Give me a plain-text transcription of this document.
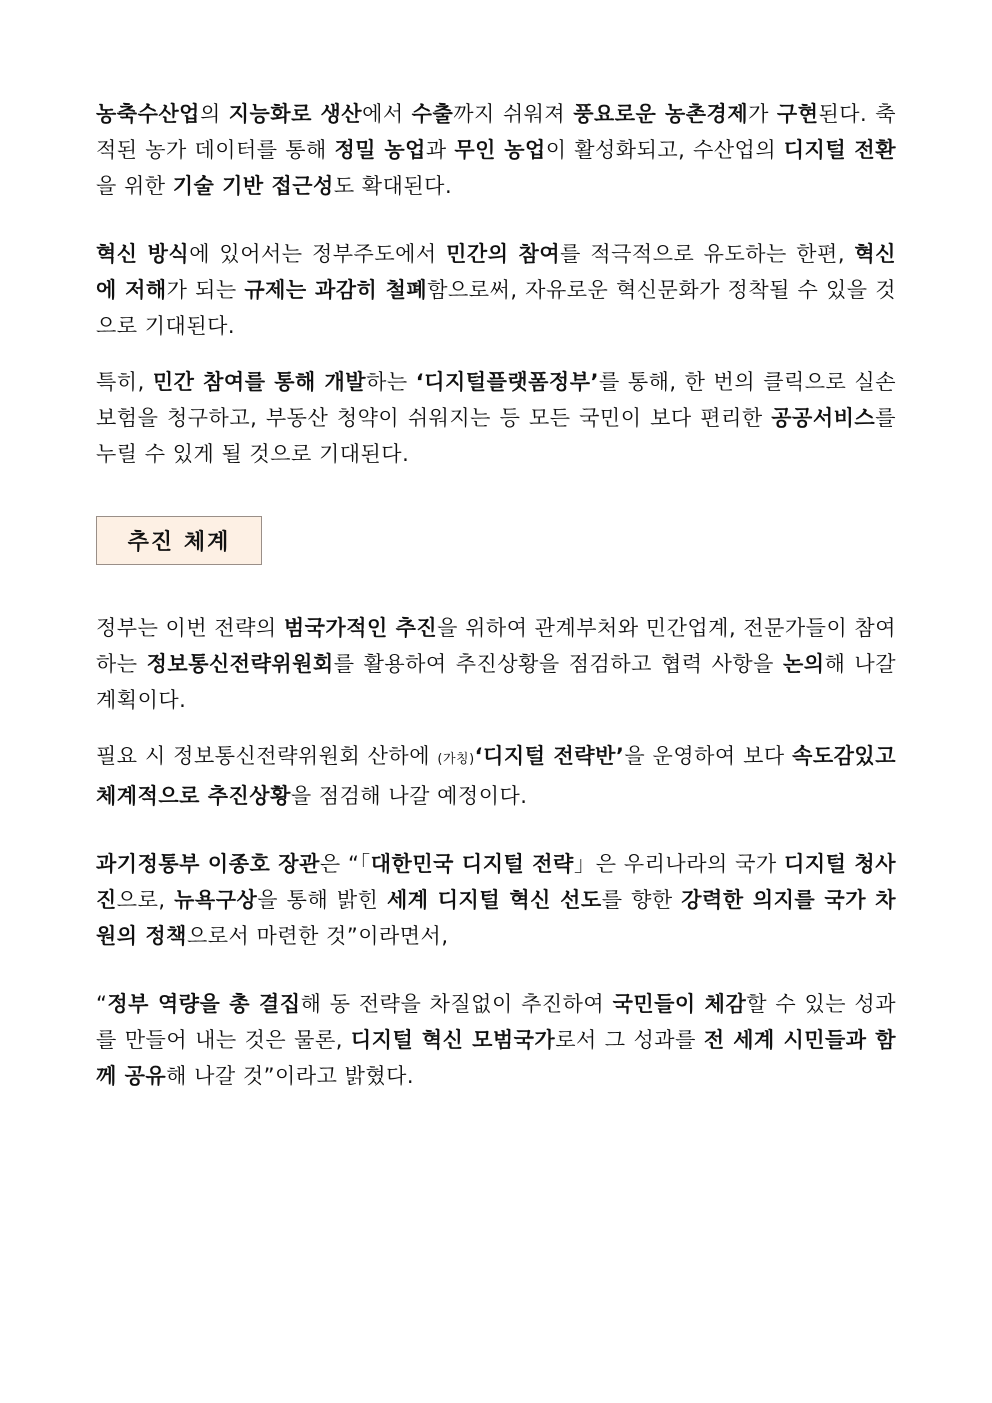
농축수산업의 지능화로 생산에서 수출까지 쉬워져 풍요로운 농촌경제가 구현된다. 축적된 농가 데이터를 통해 정밀 농업과 무인 농업이 활성화되고, 수산업의 디지털 전환을 위한 기술 기반 접근성도 확대된다.

혁신 방식에 있어서는 정부주도에서 민간의 참여를 적극적으로 유도하는 한편, 혁신에 저해가 되는 규제는 과감히 철폐함으로써, 자유로운 혁신문화가 정착될 수 있을 것으로 기대된다.

특히, 민간 참여를 통해 개발하는 ‘디지털플랫폼정부’를 통해, 한 번의 클릭으로 실손보험을 청구하고, 부동산 청약이 쉬워지는 등 모든 국민이 보다 편리한 공공서비스를 누릴 수 있게 될 것으로 기대된다.

추진 체계

정부는 이번 전략의 범국가적인 추진을 위하여 관계부처와 민간업계, 전문가들이 참여하는 정보통신전략위원회를 활용하여 추진상황을 점검하고 협력 사항을 논의해 나갈 계획이다.

필요 시 정보통신전략위원회 산하에 (가칭)‘디지털 전략반’을 운영하여 보다 속도감있고 체계적으로 추진상황을 점검해 나갈 예정이다.

과기정통부 이종호 장관은 “「대한민국 디지털 전략」은 우리나라의 국가 디지털 청사진으로, 뉴욕구상을 통해 밝힌 세계 디지털 혁신 선도를 향한 강력한 의지를 국가 차원의 정책으로서 마련한 것”이라면서,

“정부 역량을 총 결집해 동 전략을 차질없이 추진하여 국민들이 체감할 수 있는 성과를 만들어 내는 것은 물론, 디지털 혁신 모범국가로서 그 성과를 전 세계 시민들과 함께 공유해 나갈 것”이라고 밝혔다.
